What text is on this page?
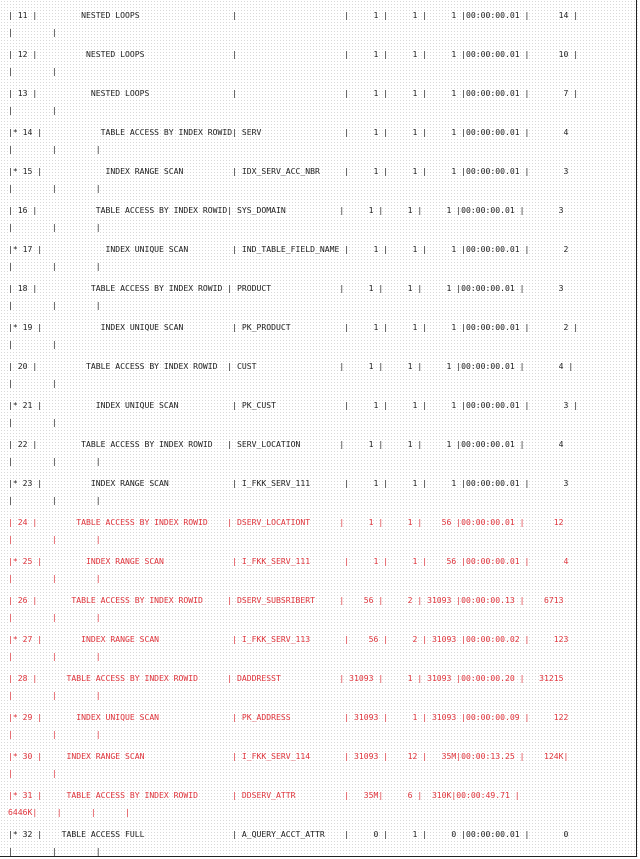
| 11 |         NESTED LOOPS                   |                      |     1 |     1 |     1 |00:00:00.01 |      14 |
|        |
| 12 |          NESTED LOOPS                  |                      |     1 |     1 |     1 |00:00:00.01 |      10 |
|        |
| 13 |           NESTED LOOPS                 |                      |     1 |     1 |     1 |00:00:00.01 |       7 |
|        |
|* 14 |            TABLE ACCESS BY INDEX ROWID| SERV                 |     1 |     1 |     1 |00:00:00.01 |       4
|        |        |
|* 15 |             INDEX RANGE SCAN          | IDX_SERV_ACC_NBR     |     1 |     1 |     1 |00:00:00.01 |       3
|        |        |
| 16 |            TABLE ACCESS BY INDEX ROWID| SYS_DOMAIN           |     1 |     1 |     1 |00:00:00.01 |       3
|        |        |
|* 17 |             INDEX UNIQUE SCAN         | IND_TABLE_FIELD_NAME |     1 |     1 |     1 |00:00:00.01 |       2
|        |        |
| 18 |           TABLE ACCESS BY INDEX ROWID | PRODUCT              |     1 |     1 |     1 |00:00:00.01 |       3
|        |        |
|* 19 |            INDEX UNIQUE SCAN          | PK_PRODUCT           |     1 |     1 |     1 |00:00:00.01 |       2 |
|        |
| 20 |          TABLE ACCESS BY INDEX ROWID  | CUST                 |     1 |     1 |     1 |00:00:00.01 |       4 |
|        |
|* 21 |           INDEX UNIQUE SCAN           | PK_CUST              |     1 |     1 |     1 |00:00:00.01 |       3 |
|        |
| 22 |         TABLE ACCESS BY INDEX ROWID   | SERV_LOCATION        |     1 |     1 |     1 |00:00:00.01 |       4
|        |        |
|* 23 |          INDEX RANGE SCAN             | I_FKK_SERV_111       |     1 |     1 |     1 |00:00:00.01 |       3
|        |        |
| 24 |        TABLE ACCESS BY INDEX ROWID    | DSERV_LOCATIONT      |     1 |     1 |    56 |00:00:00.01 |      12
|        |        |
|* 25 |         INDEX RANGE SCAN              | I_FKK_SERV_111       |     1 |     1 |    56 |00:00:00.01 |       4
|        |        |
| 26 |       TABLE ACCESS BY INDEX ROWID     | DSERV_SUBSRIBERT     |    56 |     2 | 31093 |00:00:00.13 |    6713
|        |        |
|* 27 |        INDEX RANGE SCAN               | I_FKK_SERV_113       |    56 |     2 | 31093 |00:00:00.02 |     123
|        |        |
| 28 |      TABLE ACCESS BY INDEX ROWID      | DADDRESST            | 31093 |     1 | 31093 |00:00:00.20 |   31215
|        |        |
|* 29 |       INDEX UNIQUE SCAN               | PK_ADDRESS           | 31093 |     1 | 31093 |00:00:00.09 |     122
|        |        |
|* 30 |     INDEX RANGE SCAN                  | I_FKK_SERV_114       | 31093 |    12 |   35M|00:00:13.25 |    124K|
|        |
|* 31 |     TABLE ACCESS BY INDEX ROWID       | DDSERV_ATTR          |   35M|     6 |  310K|00:00:49.71 |
6446K|    |      |      |
|* 32 |    TABLE ACCESS FULL                  | A_QUERY_ACCT_ATTR    |     0 |     1 |     0 |00:00:00.01 |       0
|        |        |
